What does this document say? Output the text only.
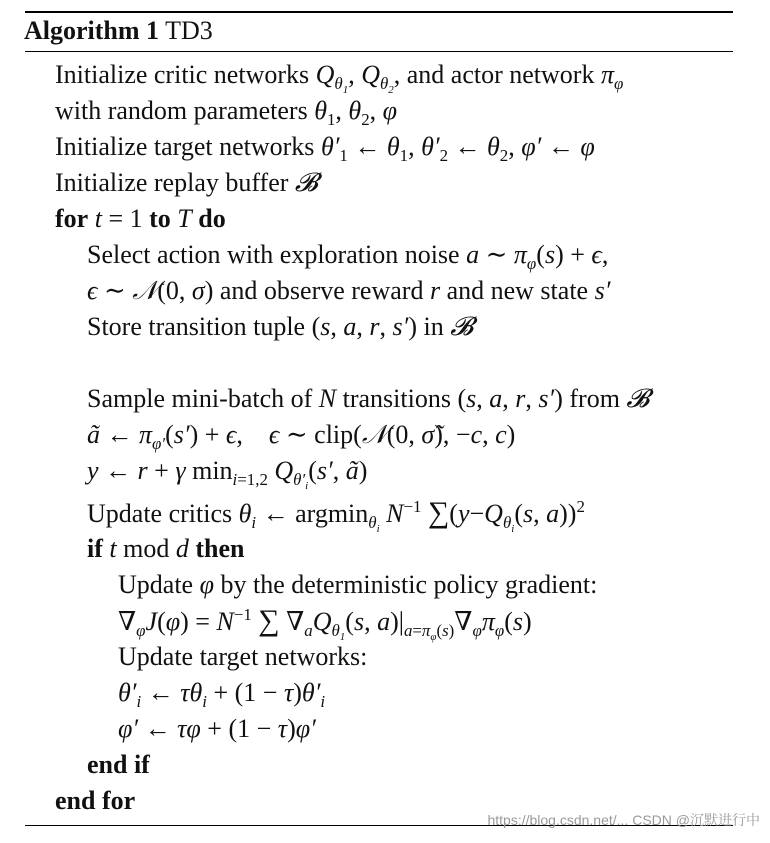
Algorithm 1 TD3
Initialize critic networks $Q_{\theta_1}$, $Q_{\theta_2}$, and actor network $\pi_\varphi$
with random parameters $\theta_1$, $\theta_2$, φ
Initialize target networks $\theta'_1$ ← $\theta_1$, $\theta'_2$ ← $\theta_2$, φ′ ← φ
Initialize replay buffer 𝓑
for t = 1 to T do
Select action with exploration noise a ∼ $\pi_\varphi(s) + \epsilon$,
ϵ ∼ 𝒩(0, σ) and observe reward r and new state s′
Store transition tuple (s, a, r, s′) in 𝓑
Sample mini-batch of N transitions (s, a, r, s′) from 𝓑
ã ← $\pi_{\varphi'}(s') + \epsilon$,    ϵ ∼ clip(𝒩(0, σ̃), −c, c)
y ← r + γ $\min_{i=1,2} Q_{\theta'_i}(s'$, ã)
Update critics $\theta_i$ ← argmin$_{\theta_i}$ $N^{-1}$ $\sum(y-Q_{\theta_i}(s$, a))$^2$
if t mod d then
Update φ by the deterministic policy gradient:
$\nabla_\varphi J(\varphi) = N^{-1}$ ∑ $\nabla_aQ_{\theta_1}(s$, $a)|_{a=\pi_\varphi(s)}\nabla_\varphi\pi_\varphi(s)$
Update target networks:
$\theta'_i$ ← $\tau\theta_i + (1 - \tau)\theta'_i$
φ′ ← τφ + (1 − τ)φ′
end if
end for
https://blog.csdn.net/... CSDN @沉默进行中
